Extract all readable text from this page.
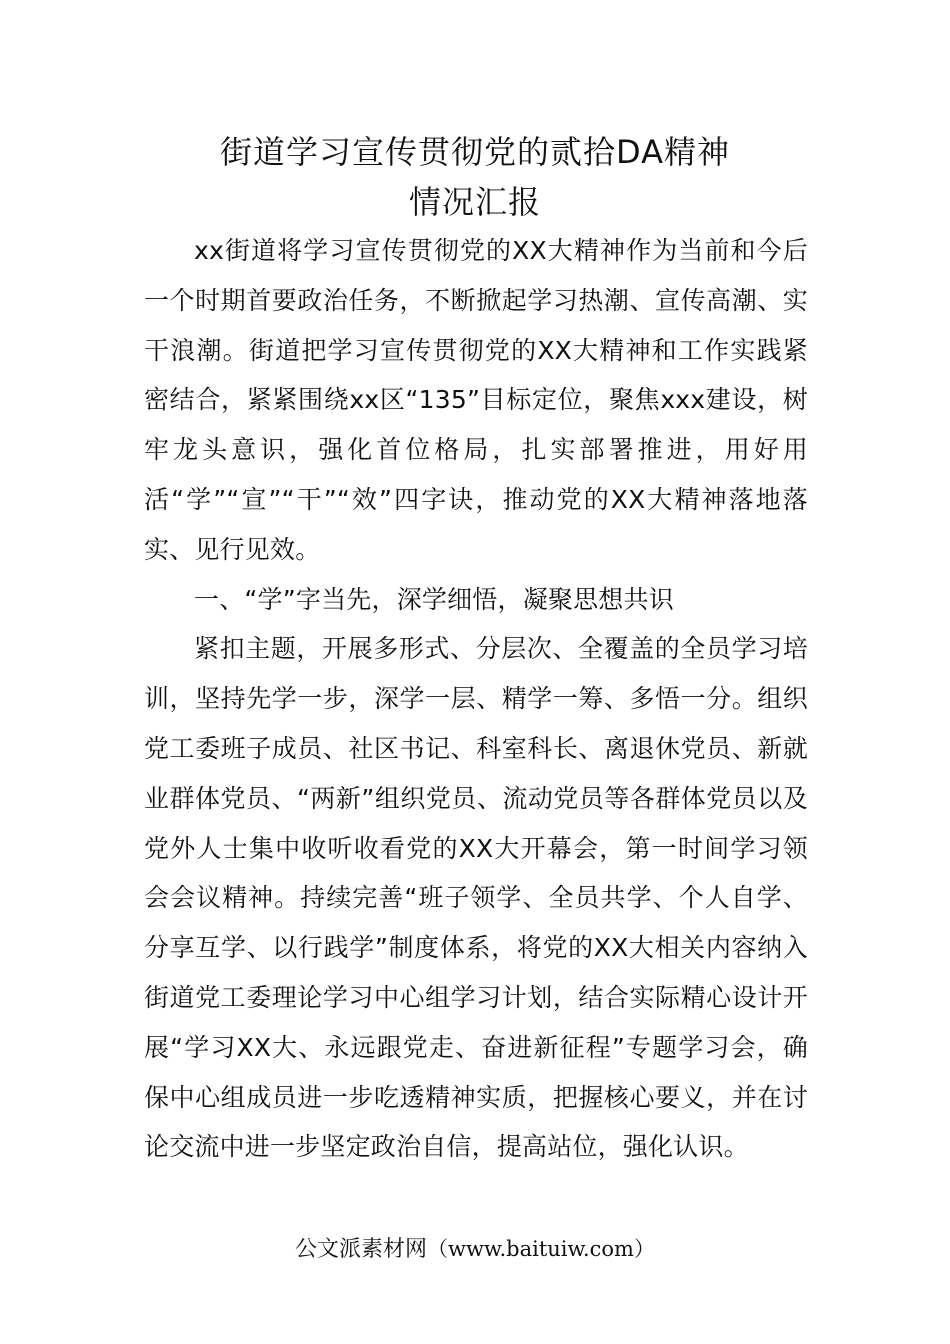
街道学习宣传贯彻党的贰拾DA精神
情况汇报

xx街道将学习宣传贯彻党的XX大精神作为当前和今后一个时期首要政治任务，不断掀起学习热潮、宣传高潮、实干浪潮。街道把学习宣传贯彻党的XX大精神和工作实践紧密结合，紧紧围绕xx区“135”目标定位，聚焦xxx建设，树牢龙头意识，强化首位格局，扎实部署推进，用好用活“学”“宣”“干”“效”四字诀，推动党的XX大精神落地落实、见行见效。

一、“学”字当先，深学细悟，凝聚思想共识

紧扣主题，开展多形式、分层次、全覆盖的全员学习培训，坚持先学一步，深学一层、精学一筹、多悟一分。组织党工委班子成员、社区书记、科室科长、离退休党员、新就业群体党员、“两新”组织党员、流动党员等各群体党员以及党外人士集中收听收看党的XX大开幕会，第一时间学习领会会议精神。持续完善“班子领学、全员共学、个人自学、分享互学、以行践学”制度体系，将党的XX大相关内容纳入街道党工委理论学习中心组学习计划，结合实际精心设计开展“学习XX大、永远跟党走、奋进新征程”专题学习会，确保中心组成员进一步吃透精神实质，把握核心要义，并在讨论交流中进一步坚定政治自信，提高站位，强化认识。

公文派素材网（www.baituiw.com）
